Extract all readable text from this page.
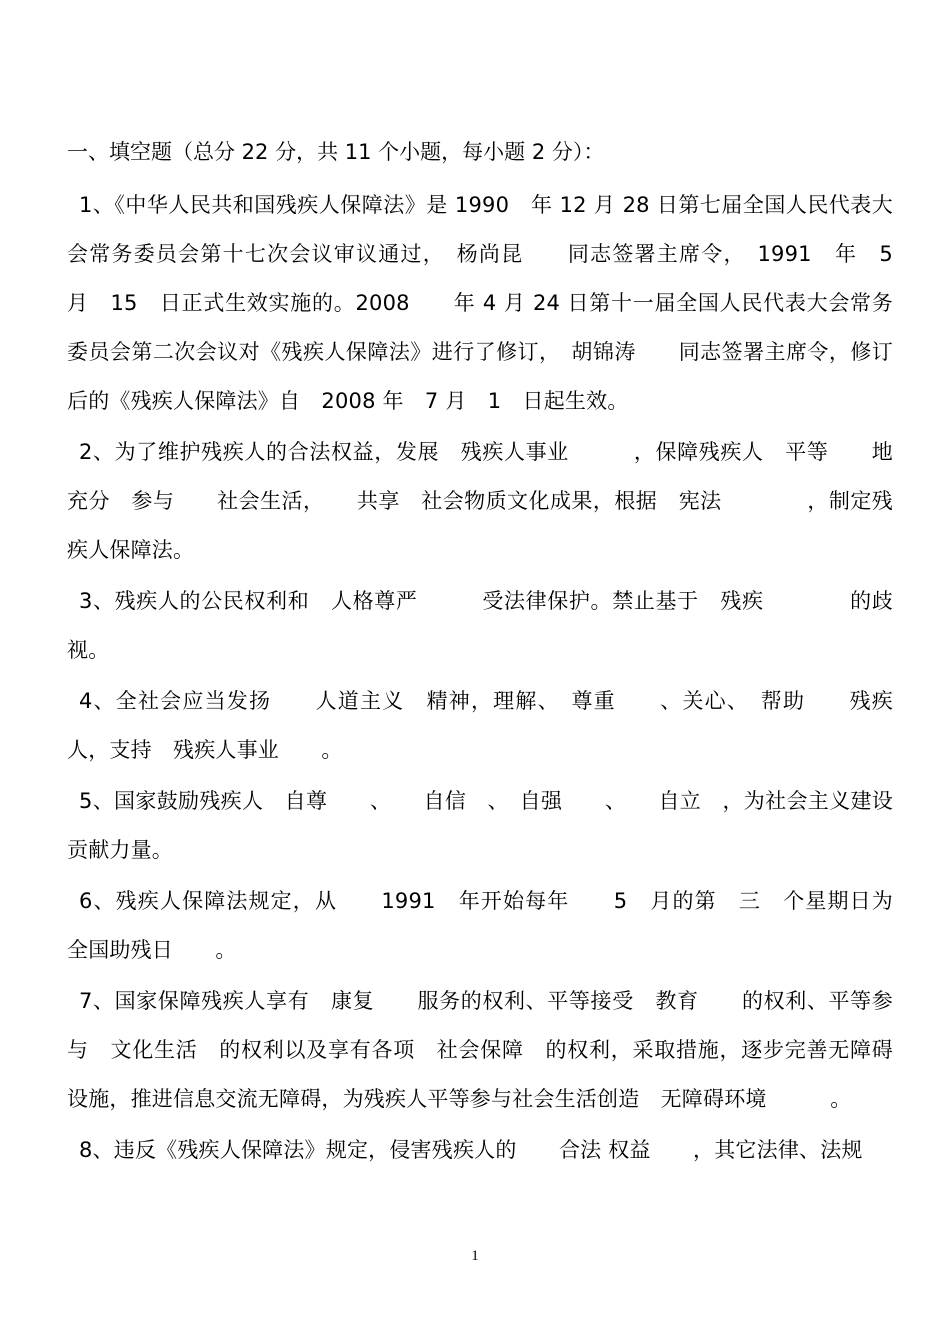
一、填空题（总分 22 分，共 11 个小题，每小题 2 分）：

1、《中华人民共和国残疾人保障法》是 1990　年 12 月 28 日第七届全国人民代表大会常务委员会第十七次会议审议通过，　杨尚昆　　同志签署主席令，　1991　年　5　月　15　日正式生效实施的。2008　　年 4 月 24 日第十一届全国人民代表大会常务委员会第二次会议对《残疾人保障法》进行了修订，　胡锦涛　　同志签署主席令，修订后的《残疾人保障法》自　2008 年　7 月　1　日起生效。

2、为了维护残疾人的合法权益，发展　残疾人事业　　　，保障残疾人　平等　　地充分　参与　　社会生活，　　共享　社会物质文化成果，根据　宪法　　　　，制定残疾人保障法。

3、残疾人的公民权利和　人格尊严　　　受法律保护。禁止基于　残疾　　　　的歧视。

4、全社会应当发扬　　人道主义　精神，理解、　尊重　　、关心、　帮助　　残疾人，支持　残疾人事业　　。

5、国家鼓励残疾人　自尊　　、　　自信　、　自强　　、　　自立　，为社会主义建设贡献力量。

6、残疾人保障法规定，从　　1991　年开始每年　　5　月的第　三　个星期日为　全国助残日　　。

7、国家保障残疾人享有　康复　　服务的权利、平等接受　教育　　的权利、平等参与　文化生活　的权利以及享有各项　社会保障　的权利，采取措施，逐步完善无障碍设施，推进信息交流无障碍，为残疾人平等参与社会生活创造　无障碍环境　　　。

8、违反《残疾人保障法》规定，侵害残疾人的　　合法 权益　　，其它法律、法规

1
